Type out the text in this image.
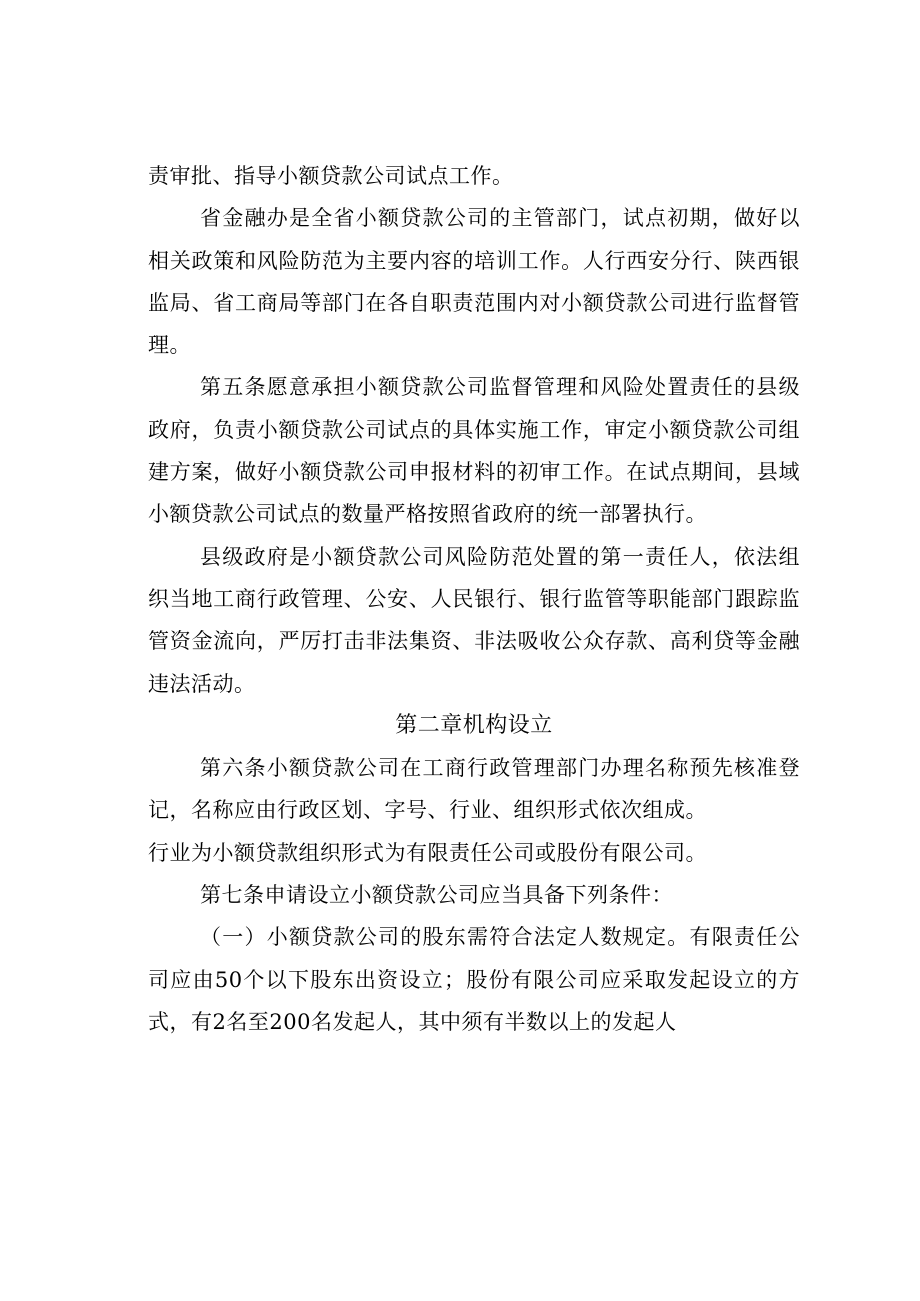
责审批、指导小额贷款公司试点工作。

省金融办是全省小额贷款公司的主管部门，试点初期，做好以相关政策和风险防范为主要内容的培训工作。人行西安分行、陕西银监局、省工商局等部门在各自职责范围内对小额贷款公司进行监督管理。

第五条愿意承担小额贷款公司监督管理和风险处置责任的县级政府，负责小额贷款公司试点的具体实施工作，审定小额贷款公司组建方案，做好小额贷款公司申报材料的初审工作。在试点期间，县域小额贷款公司试点的数量严格按照省政府的统一部署执行。

县级政府是小额贷款公司风险防范处置的第一责任人，依法组织当地工商行政管理、公安、人民银行、银行监管等职能部门跟踪监管资金流向，严厉打击非法集资、非法吸收公众存款、高利贷等金融违法活动。

第二章机构设立

第六条小额贷款公司在工商行政管理部门办理名称预先核准登记，名称应由行政区划、字号、行业、组织形式依次组成。

行业为小额贷款组织形式为有限责任公司或股份有限公司。

第七条申请设立小额贷款公司应当具备下列条件：

（一）小额贷款公司的股东需符合法定人数规定。有限责任公司应由50个以下股东出资设立；股份有限公司应采取发起设立的方式，有2名至200名发起人，其中须有半数以上的发起人
